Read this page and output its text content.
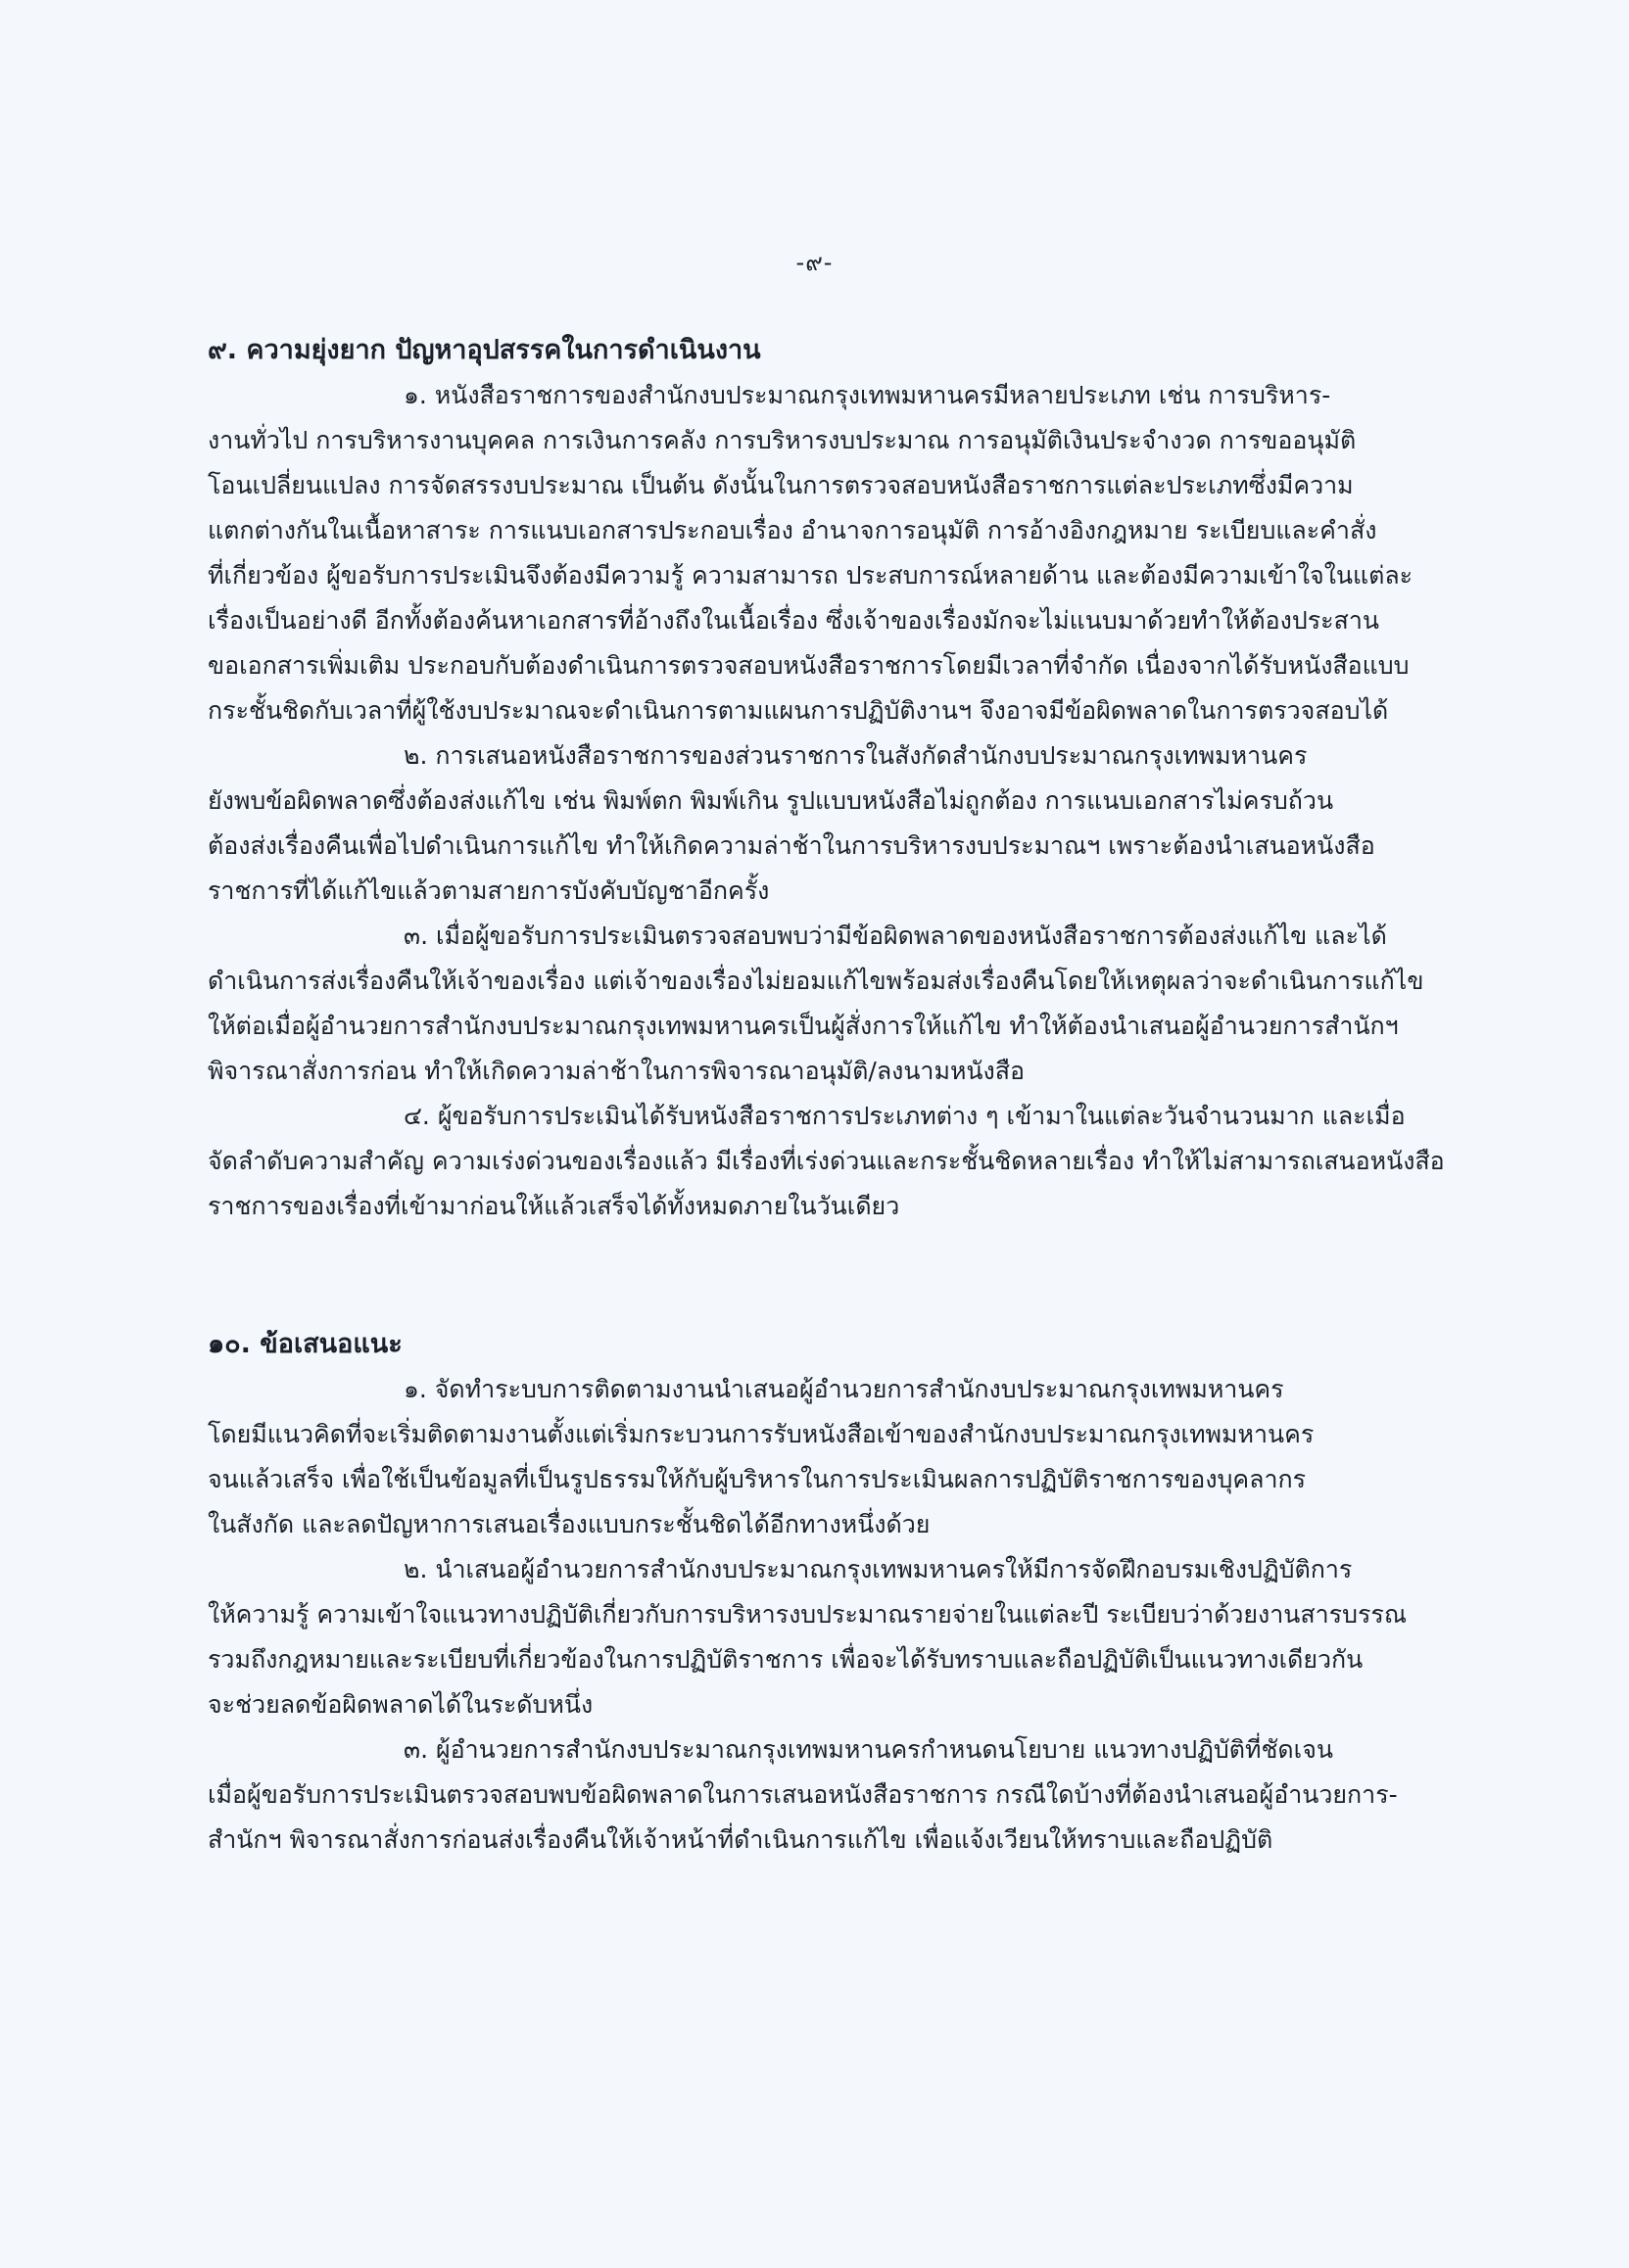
-๙-
๙. ความยุ่งยาก ปัญหาอุปสรรคในการดำเนินงาน
๑. หนังสือราชการของสำนักงบประมาณกรุงเทพมหานครมีหลายประเภท เช่น การบริหาร-
งานทั่วไป การบริหารงานบุคคล การเงินการคลัง การบริหารงบประมาณ การอนุมัติเงินประจำงวด การขออนุมัติ
โอนเปลี่ยนแปลง การจัดสรรงบประมาณ เป็นต้น ดังนั้นในการตรวจสอบหนังสือราชการแต่ละประเภทซึ่งมีความ
แตกต่างกันในเนื้อหาสาระ การแนบเอกสารประกอบเรื่อง อำนาจการอนุมัติ การอ้างอิงกฎหมาย ระเบียบและคำสั่ง
ที่เกี่ยวข้อง ผู้ขอรับการประเมินจึงต้องมีความรู้ ความสามารถ ประสบการณ์หลายด้าน และต้องมีความเข้าใจในแต่ละ
เรื่องเป็นอย่างดี อีกทั้งต้องค้นหาเอกสารที่อ้างถึงในเนื้อเรื่อง ซึ่งเจ้าของเรื่องมักจะไม่แนบมาด้วยทำให้ต้องประสาน
ขอเอกสารเพิ่มเติม ประกอบกับต้องดำเนินการตรวจสอบหนังสือราชการโดยมีเวลาที่จำกัด เนื่องจากได้รับหนังสือแบบ
กระชั้นชิดกับเวลาที่ผู้ใช้งบประมาณจะดำเนินการตามแผนการปฏิบัติงานฯ จึงอาจมีข้อผิดพลาดในการตรวจสอบได้
๒. การเสนอหนังสือราชการของส่วนราชการในสังกัดสำนักงบประมาณกรุงเทพมหานคร
ยังพบข้อผิดพลาดซึ่งต้องส่งแก้ไข เช่น พิมพ์ตก พิมพ์เกิน รูปแบบหนังสือไม่ถูกต้อง การแนบเอกสารไม่ครบถ้วน
ต้องส่งเรื่องคืนเพื่อไปดำเนินการแก้ไข ทำให้เกิดความล่าช้าในการบริหารงบประมาณฯ เพราะต้องนำเสนอหนังสือ
ราชการที่ได้แก้ไขแล้วตามสายการบังคับบัญชาอีกครั้ง
๓. เมื่อผู้ขอรับการประเมินตรวจสอบพบว่ามีข้อผิดพลาดของหนังสือราชการต้องส่งแก้ไข และได้
ดำเนินการส่งเรื่องคืนให้เจ้าของเรื่อง แต่เจ้าของเรื่องไม่ยอมแก้ไขพร้อมส่งเรื่องคืนโดยให้เหตุผลว่าจะดำเนินการแก้ไข
ให้ต่อเมื่อผู้อำนวยการสำนักงบประมาณกรุงเทพมหานครเป็นผู้สั่งการให้แก้ไข ทำให้ต้องนำเสนอผู้อำนวยการสำนักฯ
พิจารณาสั่งการก่อน ทำให้เกิดความล่าช้าในการพิจารณาอนุมัติ/ลงนามหนังสือ
๔. ผู้ขอรับการประเมินได้รับหนังสือราชการประเภทต่าง ๆ เข้ามาในแต่ละวันจำนวนมาก และเมื่อ
จัดลำดับความสำคัญ ความเร่งด่วนของเรื่องแล้ว มีเรื่องที่เร่งด่วนและกระชั้นชิดหลายเรื่อง ทำให้ไม่สามารถเสนอหนังสือ
ราชการของเรื่องที่เข้ามาก่อนให้แล้วเสร็จได้ทั้งหมดภายในวันเดียว
๑๐. ข้อเสนอแนะ
๑. จัดทำระบบการติดตามงานนำเสนอผู้อำนวยการสำนักงบประมาณกรุงเทพมหานคร
โดยมีแนวคิดที่จะเริ่มติดตามงานตั้งแต่เริ่มกระบวนการรับหนังสือเข้าของสำนักงบประมาณกรุงเทพมหานคร
จนแล้วเสร็จ เพื่อใช้เป็นข้อมูลที่เป็นรูปธรรมให้กับผู้บริหารในการประเมินผลการปฏิบัติราชการของบุคลากร
ในสังกัด และลดปัญหาการเสนอเรื่องแบบกระชั้นชิดได้อีกทางหนึ่งด้วย
๒. นำเสนอผู้อำนวยการสำนักงบประมาณกรุงเทพมหานครให้มีการจัดฝึกอบรมเชิงปฏิบัติการ
ให้ความรู้ ความเข้าใจแนวทางปฏิบัติเกี่ยวกับการบริหารงบประมาณรายจ่ายในแต่ละปี ระเบียบว่าด้วยงานสารบรรณ
รวมถึงกฎหมายและระเบียบที่เกี่ยวข้องในการปฏิบัติราชการ เพื่อจะได้รับทราบและถือปฏิบัติเป็นแนวทางเดียวกัน
จะช่วยลดข้อผิดพลาดได้ในระดับหนึ่ง
๓. ผู้อำนวยการสำนักงบประมาณกรุงเทพมหานครกำหนดนโยบาย แนวทางปฏิบัติที่ชัดเจน
เมื่อผู้ขอรับการประเมินตรวจสอบพบข้อผิดพลาดในการเสนอหนังสือราชการ กรณีใดบ้างที่ต้องนำเสนอผู้อำนวยการ-
สำนักฯ พิจารณาสั่งการก่อนส่งเรื่องคืนให้เจ้าหน้าที่ดำเนินการแก้ไข เพื่อแจ้งเวียนให้ทราบและถือปฏิบัติ
